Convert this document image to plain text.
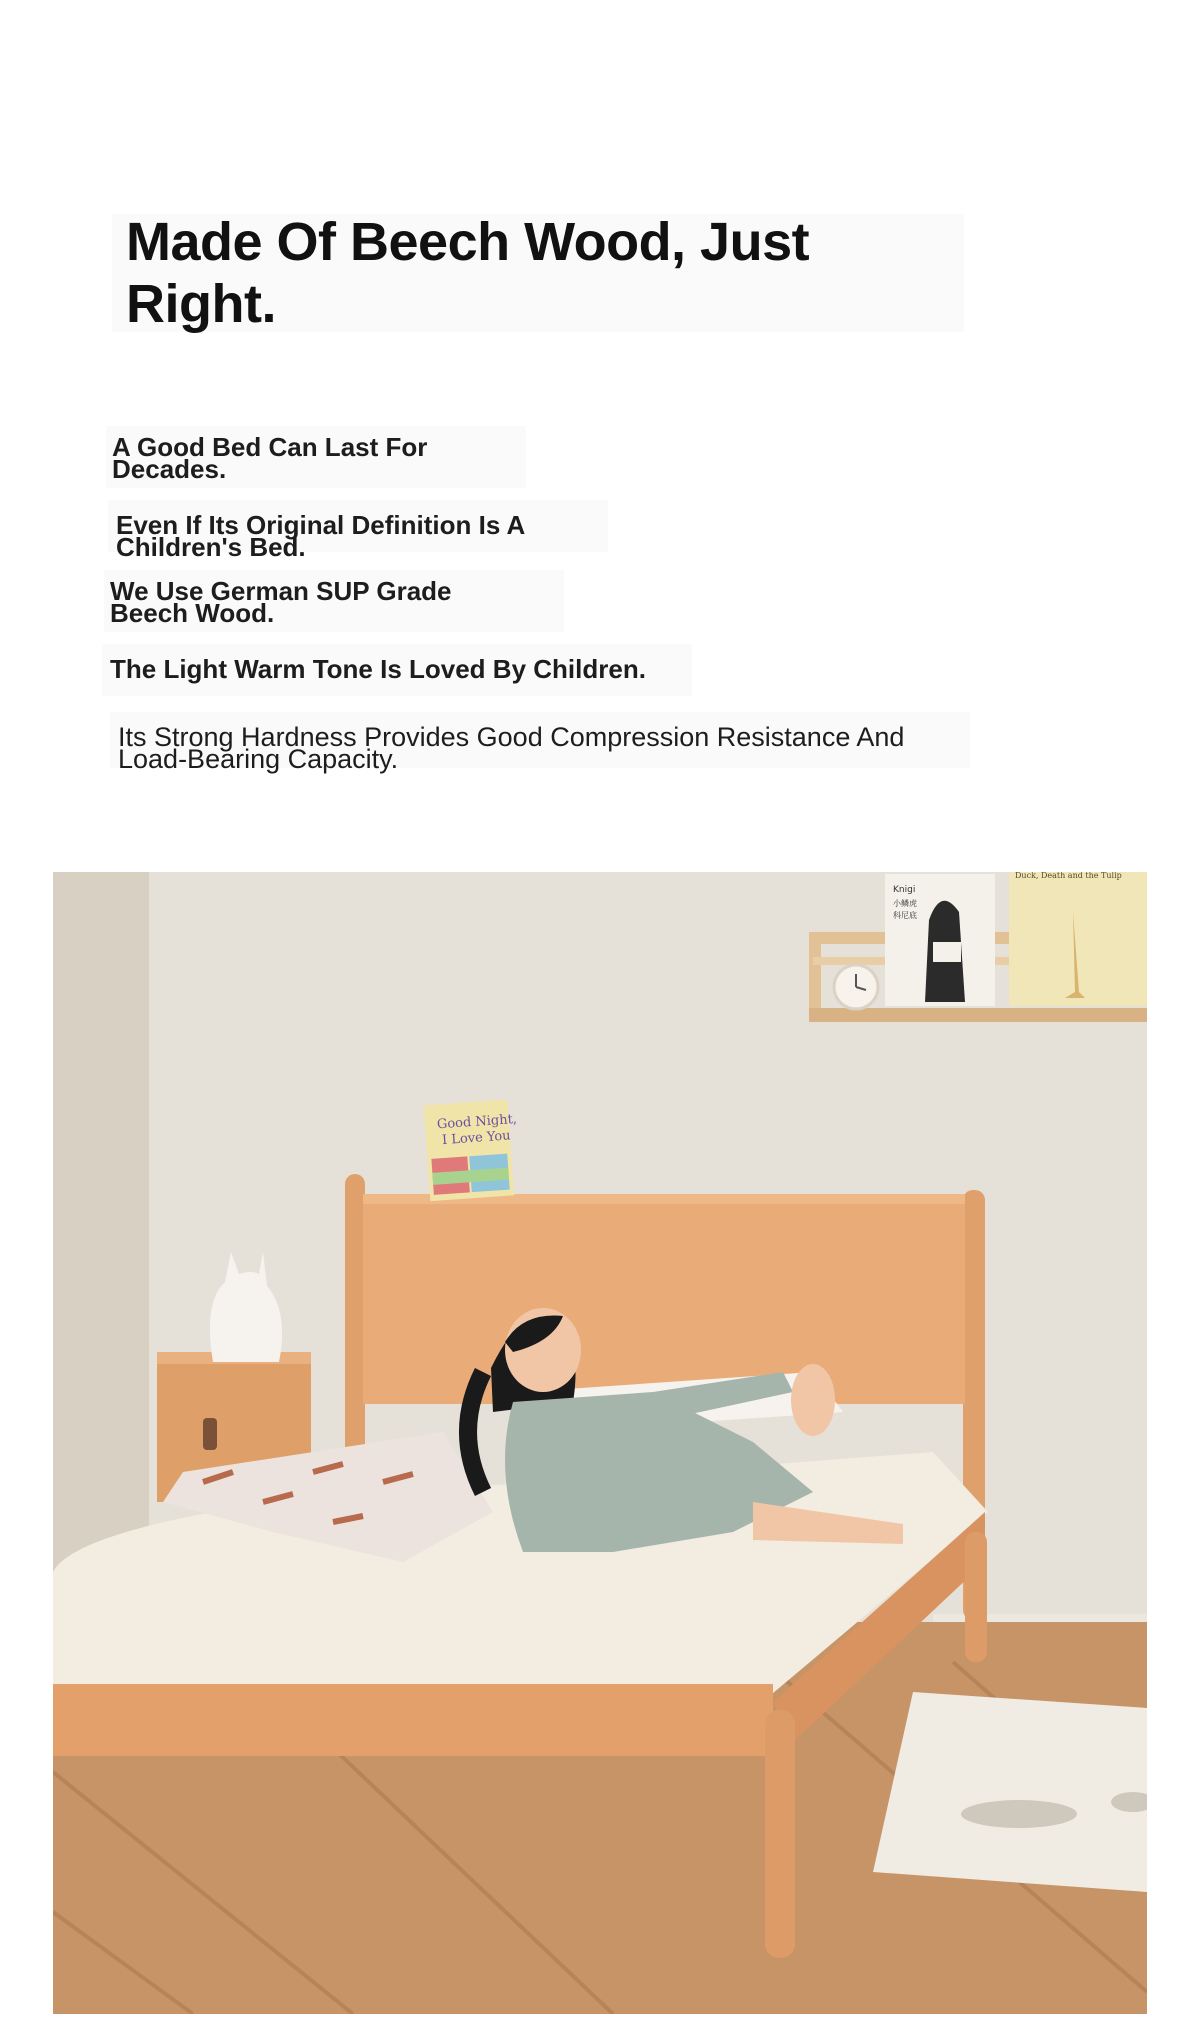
Made Of Beech Wood, Just Right.

A Good Bed Can Last For

Decades.

Even If Its Original Definition Is A Children's Bed.

We Use German SUP Grade

Beech Wood.

The Light Warm Tone Is Loved By Children.

Its Strong Hardness Provides Good Compression Resistance And Load-Bearing Capacity.

Knigi
小鳞虎
科尼底
Duck, Death and the Tulip
Good Night,
I Love You
